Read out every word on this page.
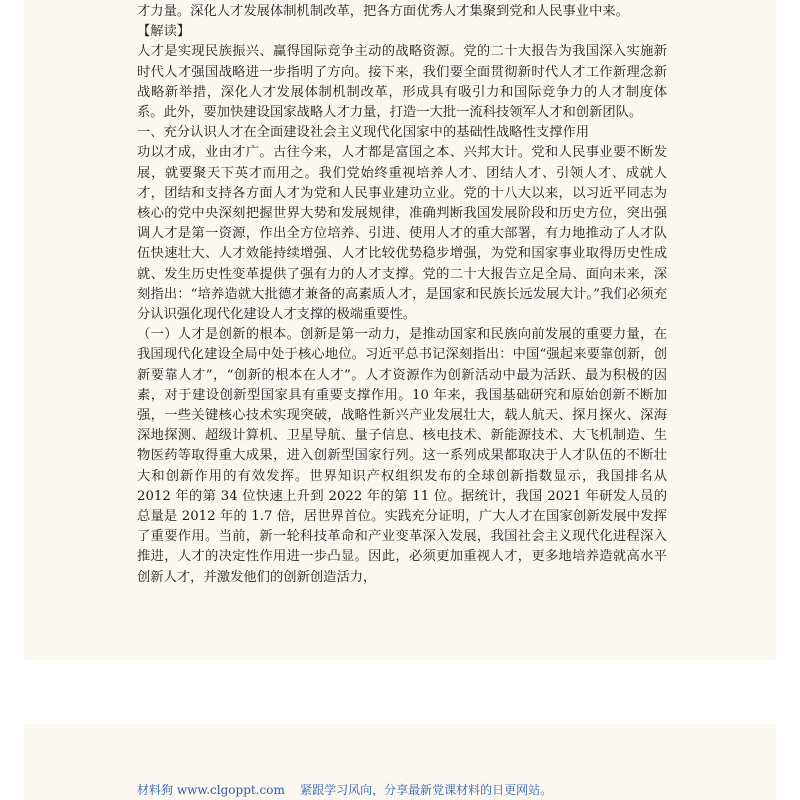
才力量。深化人才发展体制机制改革，把各方面优秀人才集聚到党和人民事业中来。

【解读】

人才是实现民族振兴、赢得国际竞争主动的战略资源。党的二十大报告为我国深入实施新时代人才强国战略进一步指明了方向。接下来，我们要全面贯彻新时代人才工作新理念新战略新举措，深化人才发展体制机制改革，形成具有吸引力和国际竞争力的人才制度体系。此外，要加快建设国家战略人才力量，打造一大批一流科技领军人才和创新团队。

一、充分认识人才在全面建设社会主义现代化国家中的基础性战略性支撑作用

功以才成，业由才广。古往今来，人才都是富国之本、兴邦大计。党和人民事业要不断发展，就要聚天下英才而用之。我们党始终重视培养人才、团结人才、引领人才、成就人才，团结和支持各方面人才为党和人民事业建功立业。党的十八大以来，以习近平同志为核心的党中央深刻把握世界大势和发展规律，准确判断我国发展阶段和历史方位，突出强调人才是第一资源，作出全方位培养、引进、使用人才的重大部署，有力地推动了人才队伍快速壮大、人才效能持续增强、人才比较优势稳步增强，为党和国家事业取得历史性成就、发生历史性变革提供了强有力的人才支撑。党的二十大报告立足全局、面向未来，深刻指出：“培养造就大批德才兼备的高素质人才，是国家和民族长远发展大计。”我们必须充分认识强化现代化建设人才支撑的极端重要性。

（一）人才是创新的根本。创新是第一动力，是推动国家和民族向前发展的重要力量，在我国现代化建设全局中处于核心地位。习近平总书记深刻指出：中国“强起来要靠创新，创新要靠人才”，“创新的根本在人才”。人才资源作为创新活动中最为活跃、最为积极的因素，对于建设创新型国家具有重要支撑作用。10 年来，我国基础研究和原始创新不断加强，一些关键核心技术实现突破，战略性新兴产业发展壮大，载人航天、探月探火、深海深地探测、超级计算机、卫星导航、量子信息、核电技术、新能源技术、大飞机制造、生物医药等取得重大成果，进入创新型国家行列。这一系列成果都取决于人才队伍的不断壮大和创新作用的有效发挥。世界知识产权组织发布的全球创新指数显示，我国排名从 2012 年的第 34 位快速上升到 2022 年的第 11 位。据统计，我国 2021 年研发人员的总量是 2012 年的 1.7 倍，居世界首位。实践充分证明，广大人才在国家创新发展中发挥了重要作用。当前，新一轮科技革命和产业变革深入发展，我国社会主义现代化进程深入推进，人才的决定性作用进一步凸显。因此，必须更加重视人才，更多地培养造就高水平创新人才，并激发他们的创新创造活力，

材料狗 www.clgoppt.com 紧跟学习风向，分享最新党课材料的日更网站。
